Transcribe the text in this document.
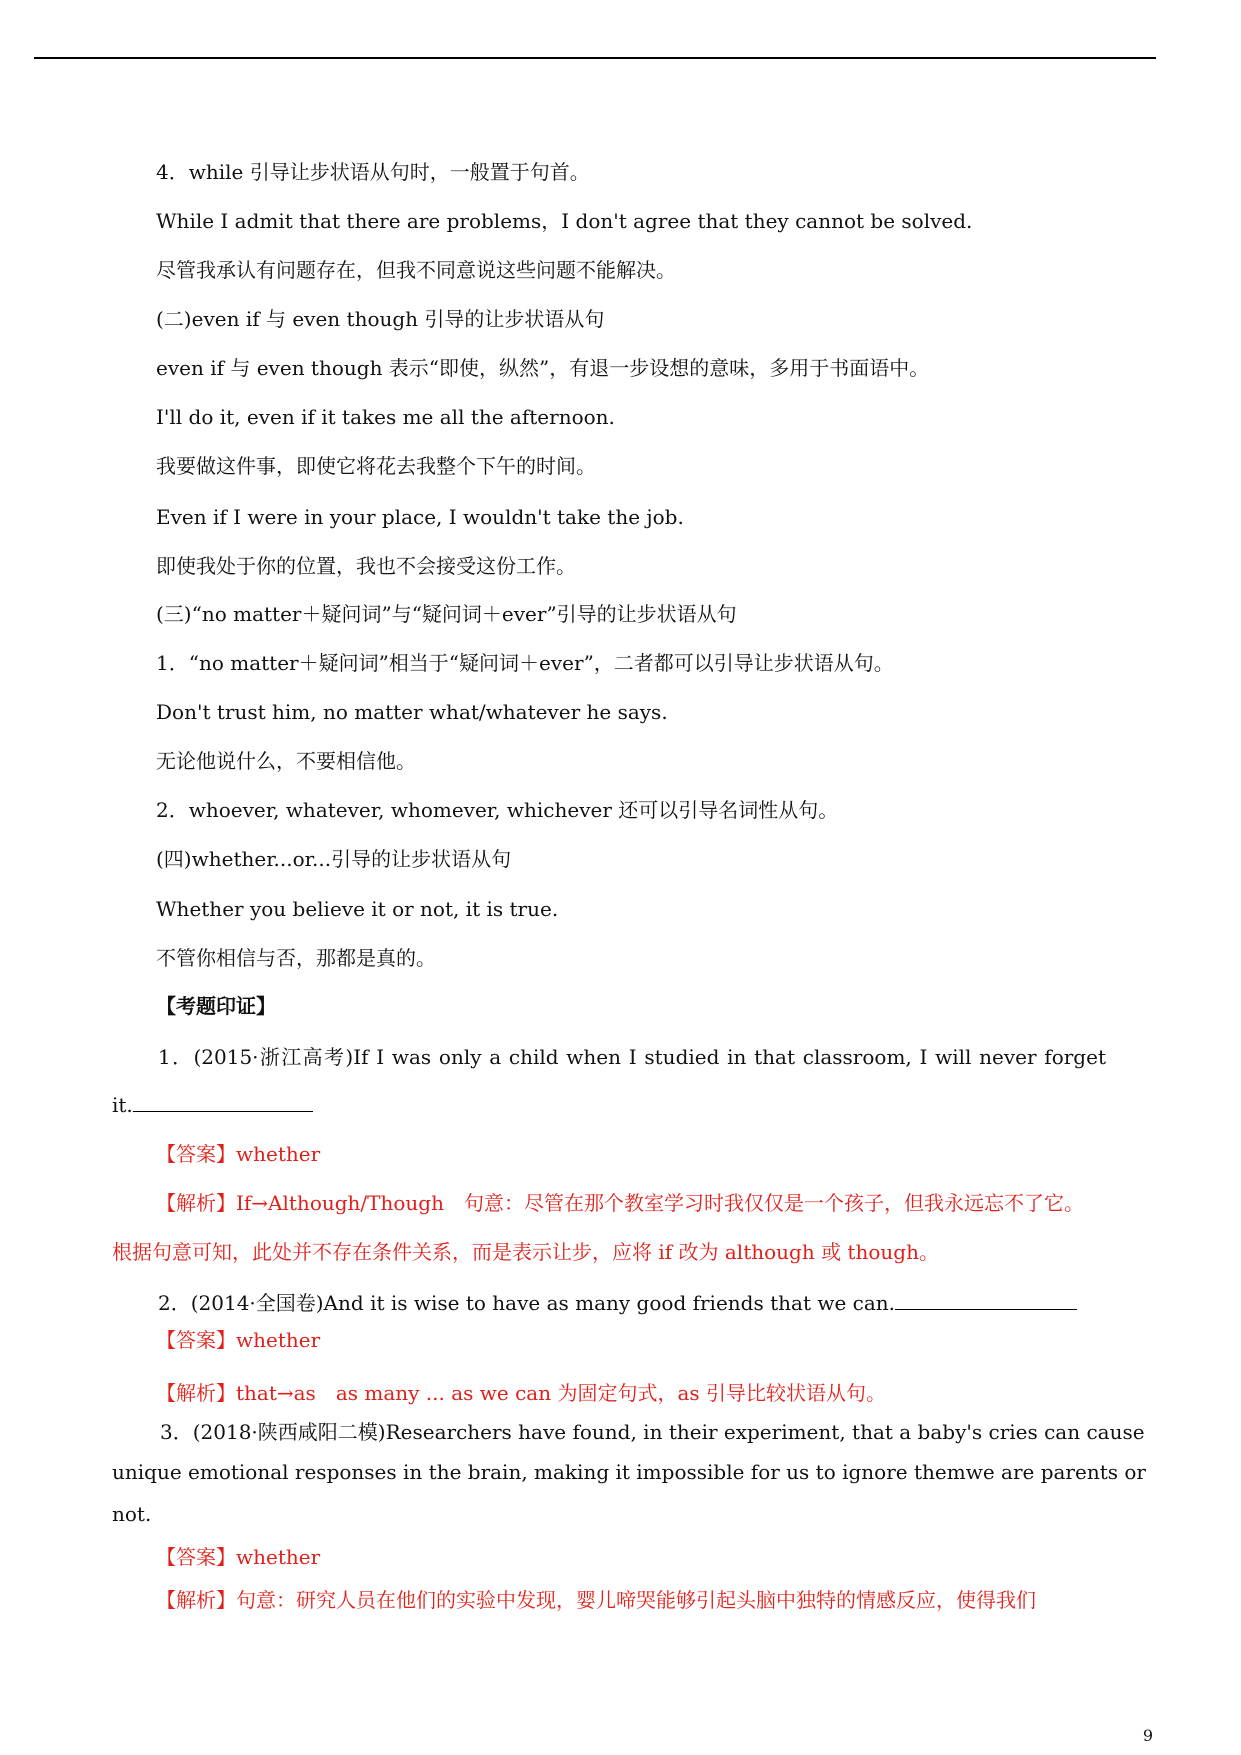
4．while 引导让步状语从句时，一般置于句首。
While I admit that there are problems，I don't agree that they cannot be solved.
尽管我承认有问题存在，但我不同意说这些问题不能解决。
(二)even if 与 even though 引导的让步状语从句
even if 与 even though 表示“即使，纵然”，有退一步设想的意味，多用于书面语中。
I'll do it, even if it takes me all the afternoon.
我要做这件事，即使它将花去我整个下午的时间。
Even if I were in your place, I wouldn't take the job.
即使我处于你的位置，我也不会接受这份工作。
(三)“no matter＋疑问词”与“疑问词＋ever”引导的让步状语从句
1．“no matter＋疑问词”相当于“疑问词＋ever”，二者都可以引导让步状语从句。
Don't trust him, no matter what/whatever he says.
无论他说什么，不要相信他。
2．whoever, whatever, whomever, whichever 还可以引导名词性从句。
(四)whether...or...引导的让步状语从句
Whether you believe it or not, it is true.
不管你相信与否，那都是真的。
【考题印证】
1．(2015·浙江高考)If I was only a child when I studied in that classroom, I will never forget
it.
【答案】whether
【解析】If→Although/Though　句意：尽管在那个教室学习时我仅仅是一个孩子，但我永远忘不了它。
根据句意可知，此处并不存在条件关系，而是表示让步，应将 if 改为 although 或 though。
2．(2014·全国卷)And it is wise to have as many good friends that we can.
【答案】whether
【解析】that→as　as many ... as we can 为固定句式，as 引导比较状语从句。
3．(2018·陕西咸阳二模)Researchers have found, in their experiment, that a baby's cries can cause
unique emotional responses in the brain, making it impossible for us to ignore them we are parents or
not.
【答案】whether
【解析】句意：研究人员在他们的实验中发现，婴儿啼哭能够引起头脑中独特的情感反应，使得我们
9
